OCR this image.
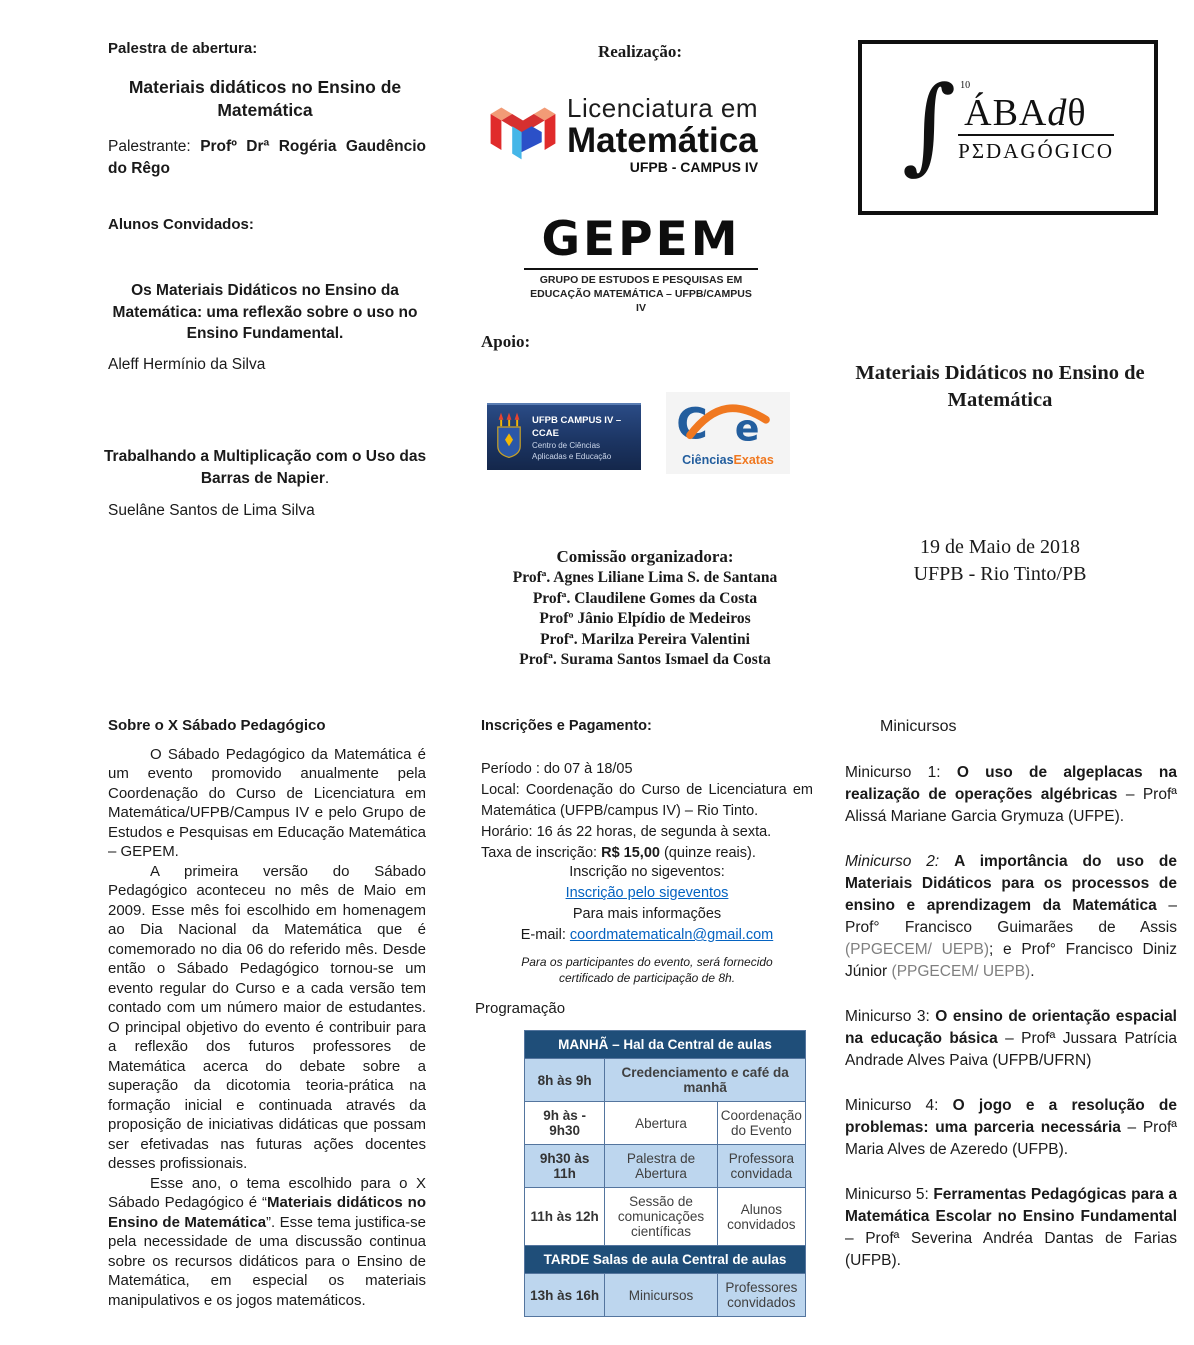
Palestra de abertura:
Materiais didáticos no Ensino de Matemática
Palestrante: Profº Drª Rogéria Gaudêncio do Rêgo
Alunos Convidados:
Os Materiais Didáticos no Ensino da Matemática: uma reflexão sobre o uso no Ensino Fundamental.
Aleff Hermínio da Silva
Trabalhando a Multiplicação com o Uso das Barras de Napier.
Suelâne Santos de Lima Silva
Sobre o X Sábado Pedagógico

O Sábado Pedagógico da Matemática é um evento promovido anualmente pela Coordenação do Curso de Licenciatura em Matemática/UFPB/Campus IV e pelo Grupo de Estudos e Pesquisas em Educação Matemática – GEPEM.

A primeira versão do Sábado Pedagógico aconteceu no mês de Maio em 2009. Esse mês foi escolhido em homenagem ao Dia Nacional da Matemática que é comemorado no dia 06 do referido mês. Desde então o Sábado Pedagógico tornou-se um evento regular do Curso e a cada versão tem contado com um número maior de estudantes. O principal objetivo do evento é contribuir para a reflexão dos futuros professores de Matemática acerca do debate sobre a superação da dicotomia teoria-prática na formação inicial e continuada através da proposição de iniciativas didáticas que possam ser efetivadas nas futuras ações docentes desses profissionais.

Esse ano, o tema escolhido para o X Sábado Pedagógico é “Materiais didáticos no Ensino de Matemática”. Esse tema justifica-se pela necessidade de uma discussão continua sobre os recursos didáticos para o Ensino de Matemática, em especial os materiais manipulativos e os jogos matemáticos.

Realização:
Licenciatura em
Matemática
UFPB - CAMPUS IV
GEPEM
GRUPO DE ESTUDOS E PESQUISAS EM
EDUCAÇÃO MATEMÁTICA – UFPB/CAMPUS IV
Apoio:
UFPB CAMPUS IV – CCAE
Centro de Ciências Aplicadas e Educação
C e
CiênciasExatas
Comissão organizadora:
Profª. Agnes Liliane Lima S. de Santana
Profª. Claudilene Gomes da Costa
Profº Jânio Elpídio de Medeiros
Profª. Marilza Pereira Valentini
Profª. Surama Santos Ismael da Costa
Inscrições e Pagamento:
Período : do 07 à 18/05
Local: Coordenação do Curso de Licenciatura em Matemática (UFPB/campus IV) – Rio Tinto.
Horário: 16 ás 22 horas, de segunda à sexta.
Taxa de inscrição: R$ 15,00 (quinze reais).
Inscrição no sigeventos:
Inscrição pelo sigeventos
Para mais informações
E-mail: coordmatematicaln@gmail.com
Para os participantes do evento, será fornecido certificado de participação de 8h.
Programação
MANHÃ – Hal da Central de aulas		
8h às 9h	Credenciamento e café da manhã	
9h às - 9h30	Abertura	Coordenação do Evento
9h30 às 11h	Palestra de Abertura	Professora convidada
11h às 12h	Sessão de comunicações científicas	Alunos convidados
TARDE Salas de aula Central de aulas		
13h às 16h	Minicursos	Professores convidados
∫ 10
ÁBAdθ
PΣDAGÓGICO
Materiais Didáticos no Ensino de Matemática
19 de Maio de 2018
UFPB - Rio Tinto/PB
Minicursos

Minicurso 1: O uso de algeplacas na realização de operações algébricas – Profª Alissá Mariane Garcia Grymuza (UFPE).

Minicurso 2: A importância do uso de Materiais Didáticos para os processos de ensino e aprendizagem da Matemática – Prof° Francisco Guimarães de Assis (PPGECEM/ UEPB); e Prof° Francisco Diniz Júnior (PPGECEM/ UEPB).

Minicurso 3: O ensino de orientação espacial na educação básica – Profª Jussara Patrícia Andrade Alves Paiva (UFPB/UFRN)

Minicurso 4: O jogo e a resolução de problemas: uma parceria necessária – Profª Maria Alves de Azeredo (UFPB).

Minicurso 5: Ferramentas Pedagógicas para a Matemática Escolar no Ensino Fundamental – Profª Severina Andréa Dantas de Farias (UFPB).
